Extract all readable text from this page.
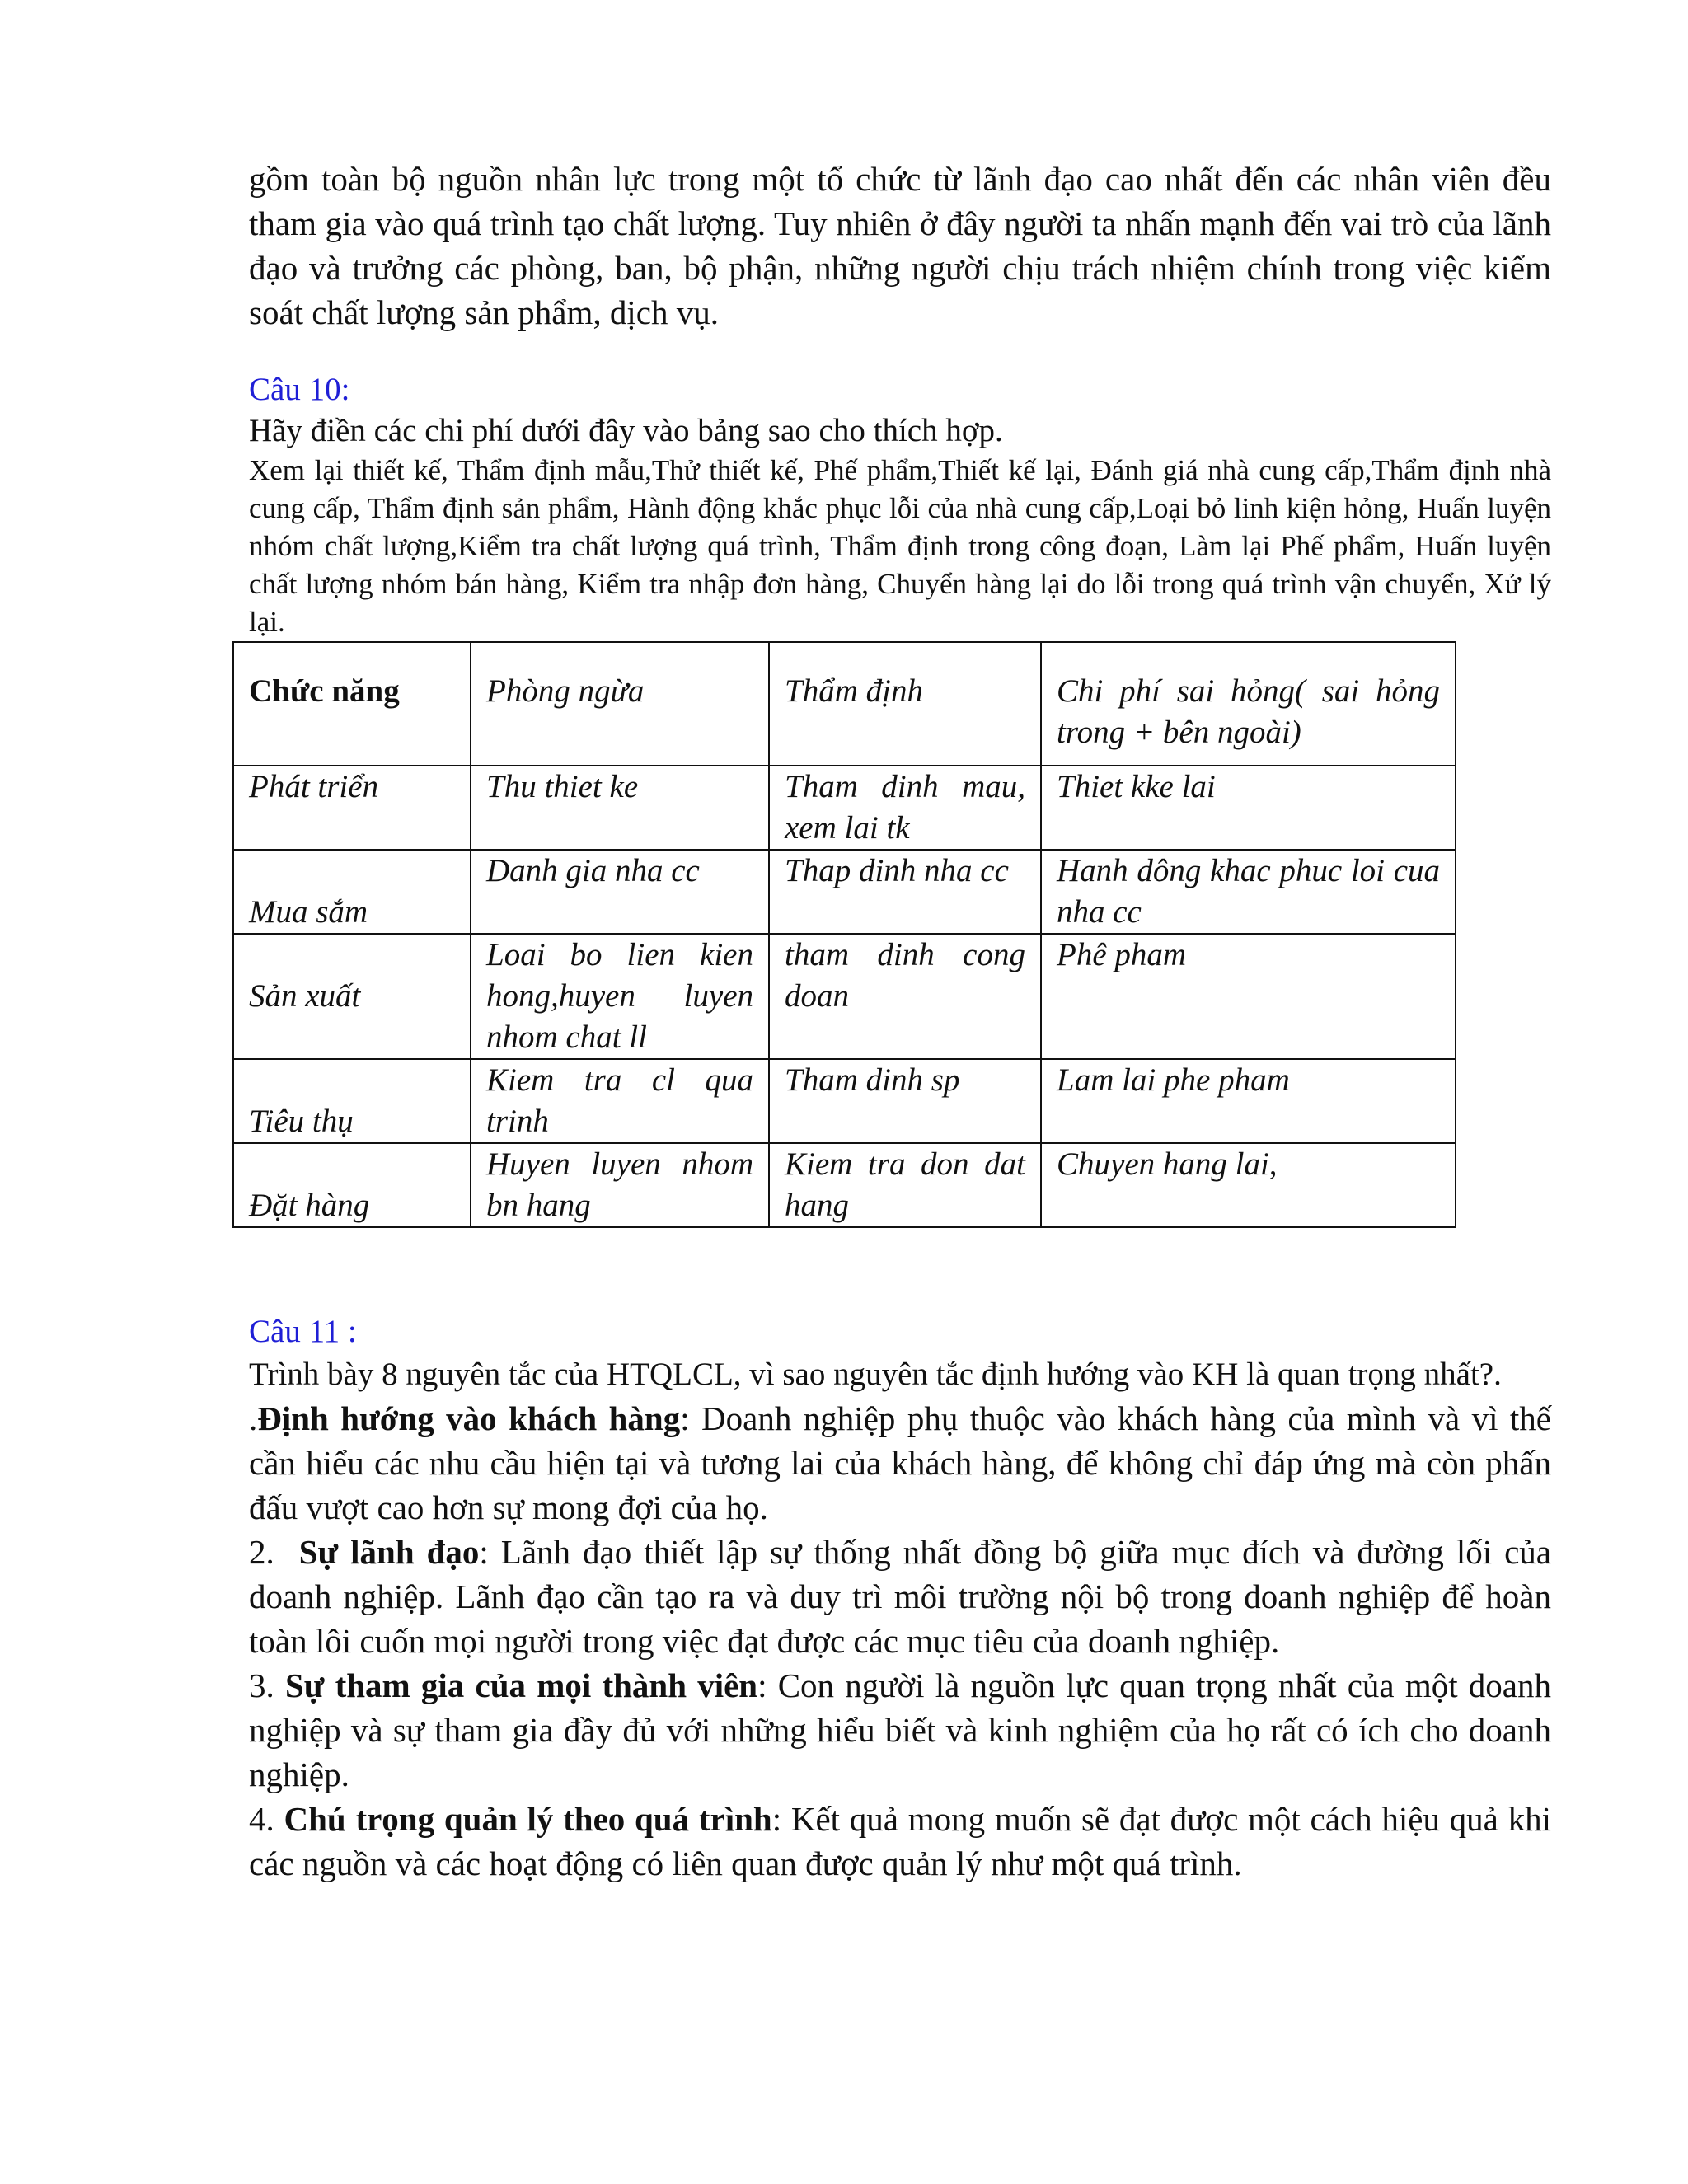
gồm toàn bộ nguồn nhân lực trong một tổ chức từ lãnh đạo cao nhất đến các nhân viên đều tham gia vào quá trình tạo chất lượng. Tuy nhiên ở đây người ta nhấn mạnh đến vai trò của lãnh đạo và trưởng các phòng, ban, bộ phận, những người chịu trách nhiệm chính trong việc kiểm soát chất lượng sản phẩm, dịch vụ.

Câu 10:

Hãy điền các chi phí dưới đây vào bảng sao cho thích hợp.

Xem lại thiết kế, Thẩm định mẫu,Thử thiết kế, Phế phẩm,Thiết kế lại, Đánh giá nhà cung cấp,Thẩm định nhà cung cấp, Thẩm định sản phẩm, Hành động khắc phục lỗi của nhà cung cấp,Loại bỏ linh kiện hỏng, Huấn luyện nhóm chất lượng,Kiểm tra chất lượng quá trình, Thẩm định trong công đoạn, Làm lại Phế phẩm, Huấn luyện chất lượng nhóm bán hàng, Kiểm tra nhập đơn hàng, Chuyển hàng lại do lỗi trong quá trình vận chuyển, Xử lý lại.

Chức năng	Phòng ngừa	Thẩm định	Chi phí sai hỏng( sai hỏng trong + bên ngoài)
Phát triển	Thu thiet ke	Tham dinh mau, xem lai tk	Thiet kke lai
Mua sắm	Danh gia nha cc	Thap dinh nha cc	Hanh dông khac phuc loi cua nha cc
Sản xuất	Loai bo lien kien hong,huyen luyen nhom chat ll	tham dinh cong doan	Phê pham
Tiêu thụ	Kiem tra cl qua trinh	Tham dinh sp	Lam lai phe pham
Đặt hàng	Huyen luyen nhom bn hang	Kiem tra don dat hang	Chuyen hang lai,

Câu 11 :

Trình bày 8 nguyên tắc của HTQLCL, vì sao nguyên tắc định hướng vào KH là quan trọng nhất?.

.Định hướng vào khách hàng: Doanh nghiệp phụ thuộc vào khách hàng của mình và vì thế cần hiểu các nhu cầu hiện tại và tương lai của khách hàng, để không chỉ đáp ứng mà còn phấn đấu vượt cao hơn sự mong đợi của họ.

2.  Sự lãnh đạo: Lãnh đạo thiết lập sự thống nhất đồng bộ giữa mục đích và đường lối của doanh nghiệp. Lãnh đạo cần tạo ra và duy trì môi trường nội bộ trong doanh nghiệp để hoàn toàn lôi cuốn mọi người trong việc đạt được các mục tiêu của doanh nghiệp.

3. Sự tham gia của mọi thành viên: Con người là nguồn lực quan trọng nhất của một doanh nghiệp và sự tham gia đầy đủ với những hiểu biết và kinh nghiệm của họ rất có ích cho doanh nghiệp.

4. Chú trọng quản lý theo quá trình: Kết quả mong muốn sẽ đạt được một cách hiệu quả khi các nguồn và các hoạt động có liên quan được quản lý như một quá trình.
